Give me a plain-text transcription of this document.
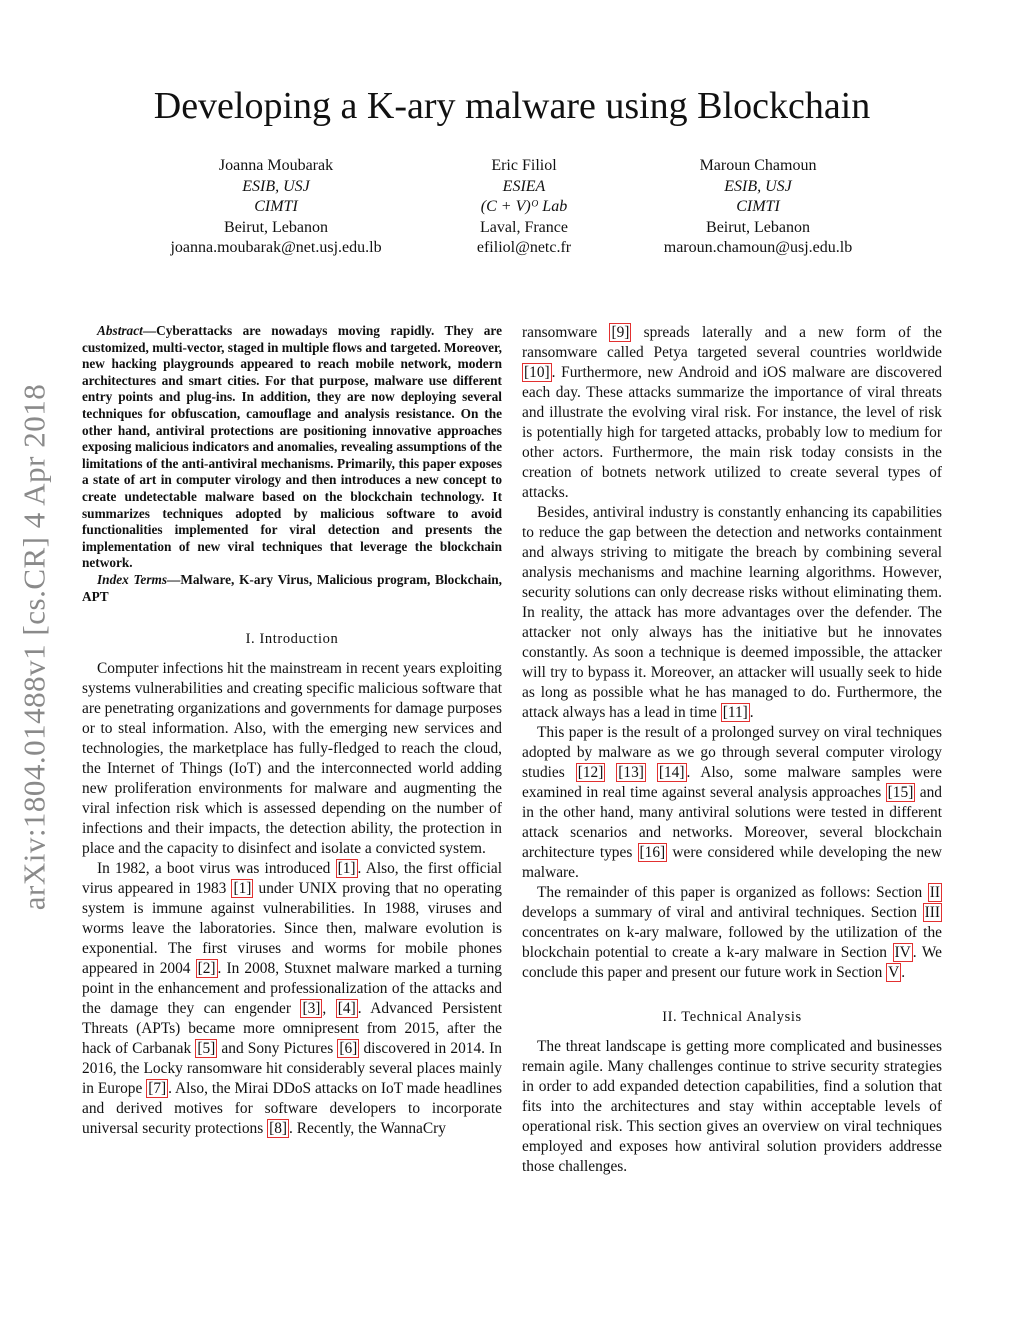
arXiv:1804.01488v1 [cs.CR] 4 Apr 2018
Developing a K-ary malware using Blockchain
Joanna Moubarak
ESIB, USJ
CIMTI
Beirut, Lebanon
joanna.moubarak@net.usj.edu.lb
Eric Filiol
ESIEA
(C + V)ᴼ Lab
Laval, France
efiliol@netc.fr
Maroun Chamoun
ESIB, USJ
CIMTI
Beirut, Lebanon
maroun.chamoun@usj.edu.lb

Abstract—Cyberattacks are nowadays moving rapidly. They are customized, multi-vector, staged in multiple flows and targeted. Moreover, new hacking playgrounds appeared to reach mobile network, modern architectures and smart cities. For that purpose, malware use different entry points and plug-ins. In addition, they are now deploying several techniques for obfuscation, camouflage and analysis resistance. On the other hand, antiviral protections are positioning innovative approaches exposing malicious indicators and anomalies, revealing assumptions of the limitations of the anti-antiviral mechanisms. Primarily, this paper exposes a state of art in computer virology and then introduces a new concept to create undetectable malware based on the blockchain technology. It summarizes techniques adopted by malicious software to avoid functionalities implemented for viral detection and presents the implementation of new viral techniques that leverage the blockchain network.

Index Terms—Malware, K-ary Virus, Malicious program, Blockchain, APT

I. Introduction

Computer infections hit the mainstream in recent years exploiting systems vulnerabilities and creating specific malicious software that are penetrating organizations and governments for damage purposes or to steal information. Also, with the emerging new services and technologies, the marketplace has fully-fledged to reach the cloud, the Internet of Things (IoT) and the interconnected world adding new proliferation environments for malware and augmenting the viral infection risk which is assessed depending on the number of infections and their impacts, the detection ability, the protection in place and the capacity to disinfect and isolate a convicted system.

In 1982, a boot virus was introduced [1] . Also, the first official virus appeared in 1983 [1] under UNIX proving that no operating system is immune against vulnerabilities. In 1988, viruses and worms leave the laboratories. Since then, malware evolution is exponential. The first viruses and worms for mobile phones appeared in 2004 [2] . In 2008, Stuxnet malware marked a turning point in the enhancement and professionalization of the attacks and the damage they can engender [3] , [4] . Advanced Persistent Threats (APTs) became more omnipresent from 2015, after the hack of Carbanak [5] and Sony Pictures [6] discovered in 2014. In 2016, the Locky ransomware hit considerably several places mainly in Europe [7] . Also, the Mirai DDoS attacks on IoT made headlines and derived motives for software developers to incorporate universal security protections [8] . Recently, the WannaCry

ransomware [9] spreads laterally and a new form of the ransomware called Petya targeted several countries worldwide [10] . Furthermore, new Android and iOS malware are discovered each day. These attacks summarize the importance of viral threats and illustrate the evolving viral risk. For instance, the level of risk is potentially high for targeted attacks, probably low to medium for other actors. Furthermore, the main risk today consists in the creation of botnets network utilized to create several types of attacks.

Besides, antiviral industry is constantly enhancing its capabilities to reduce the gap between the detection and networks containment and always striving to mitigate the breach by combining several analysis mechanisms and machine learning algorithms. However, security solutions can only decrease risks without eliminating them. In reality, the attack has more advantages over the defender. The attacker not only always has the initiative but he innovates constantly. As soon a technique is deemed impossible, the attacker will try to bypass it. Moreover, an attacker will usually seek to hide as long as possible what he has managed to do. Furthermore, the attack always has a lead in time [11] .

This paper is the result of a prolonged survey on viral techniques adopted by malware as we go through several computer virology studies [12] [13] [14] . Also, some malware samples were examined in real time against several analysis approaches [15] and in the other hand, many antiviral solutions were tested in different attack scenarios and networks. Moreover, several blockchain architecture types [16] were considered while developing the new malware.

The remainder of this paper is organized as follows: Section II develops a summary of viral and antiviral techniques. Section III concentrates on k-ary malware, followed by the utilization of the blockchain potential to create a k-ary malware in Section IV . We conclude this paper and present our future work in Section V .

II. Technical Analysis

The threat landscape is getting more complicated and businesses remain agile. Many challenges continue to strive security strategies in order to add expanded detection capabilities, find a solution that fits into the architectures and stay within acceptable levels of operational risk. This section gives an overview on viral techniques employed and exposes how antiviral solution providers addresse those challenges.
